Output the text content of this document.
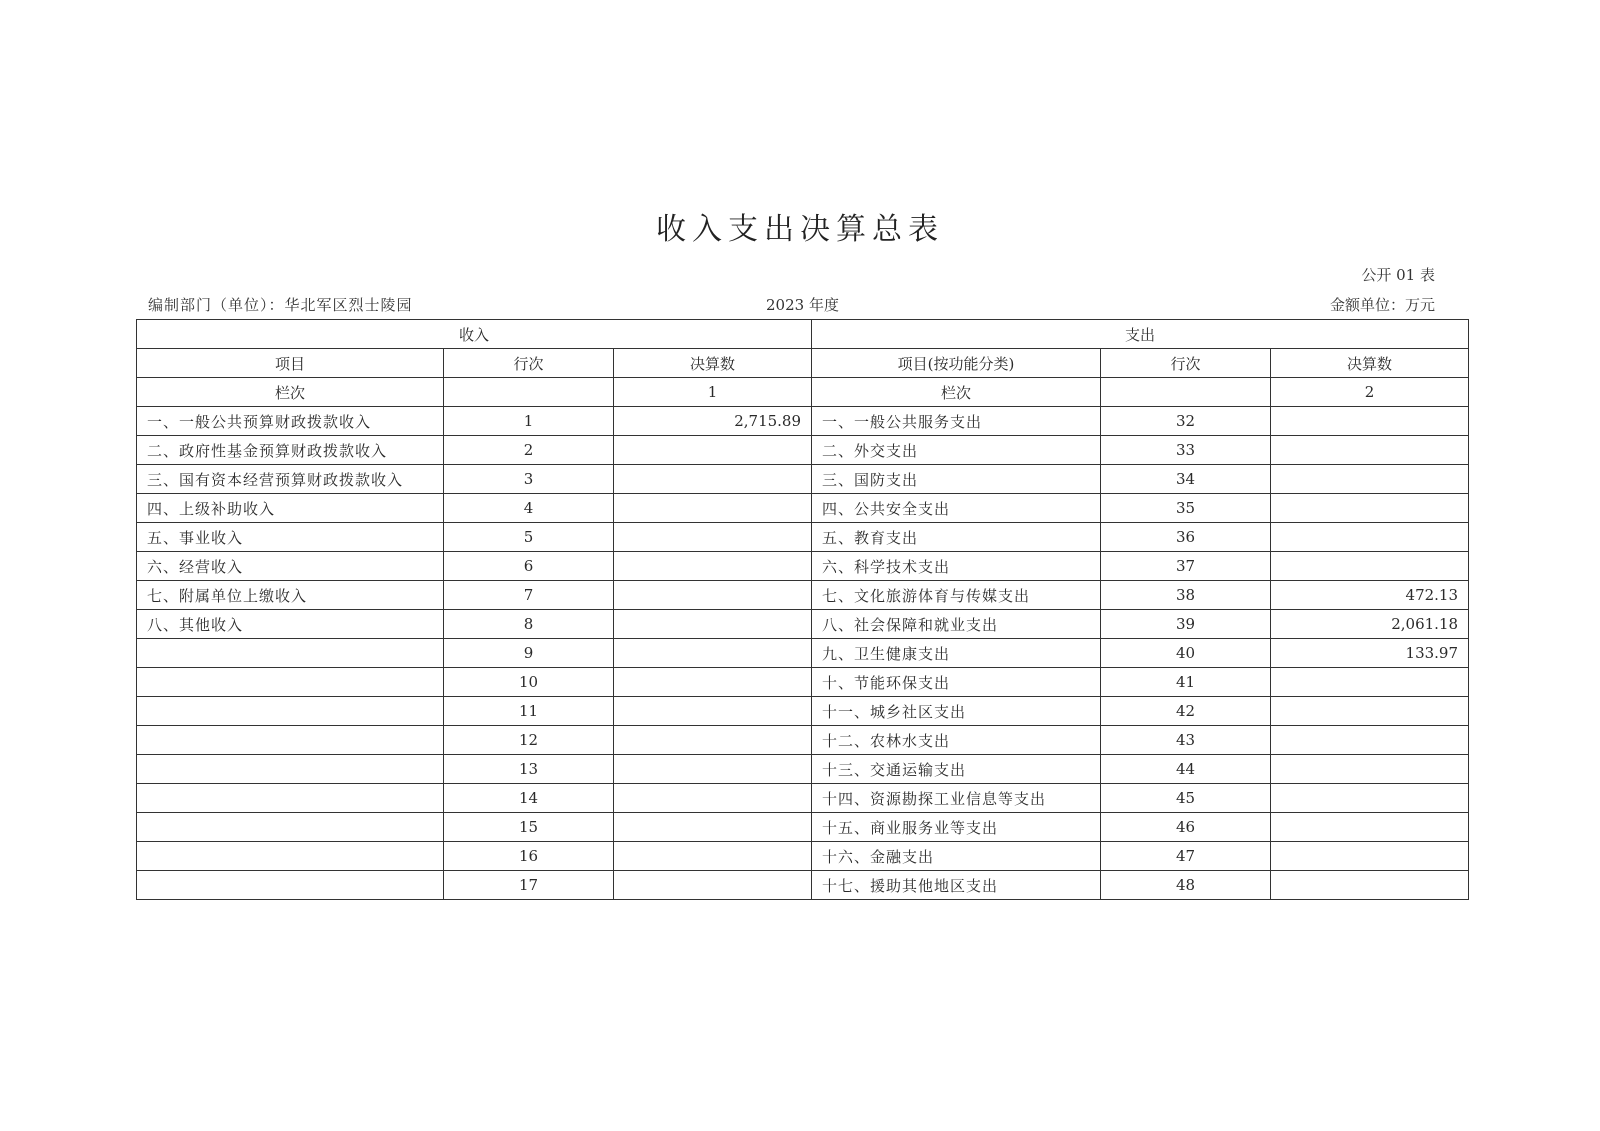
收入支出决算总表
公开 01 表
编制部门（单位）：华北军区烈士陵园	2023 年度	金额单位：万元
收入			支出		
项目	行次	决算数	项目(按功能分类)	行次	决算数
栏次		1	栏次		2
一、一般公共预算财政拨款收入	1	2,715.89	一、一般公共服务支出	32	
二、政府性基金预算财政拨款收入	2		二、外交支出	33	
三、国有资本经营预算财政拨款收入	3		三、国防支出	34	
四、上级补助收入	4		四、公共安全支出	35	
五、事业收入	5		五、教育支出	36	
六、经营收入	6		六、科学技术支出	37	
七、附属单位上缴收入	7		七、文化旅游体育与传媒支出	38	472.13
八、其他收入	8		八、社会保障和就业支出	39	2,061.18
	9		九、卫生健康支出	40	133.97
	10		十、节能环保支出	41	
	11		十一、城乡社区支出	42	
	12		十二、农林水支出	43	
	13		十三、交通运输支出	44	
	14		十四、资源勘探工业信息等支出	45	
	15		十五、商业服务业等支出	46	
	16		十六、金融支出	47	
	17		十七、援助其他地区支出	48	
